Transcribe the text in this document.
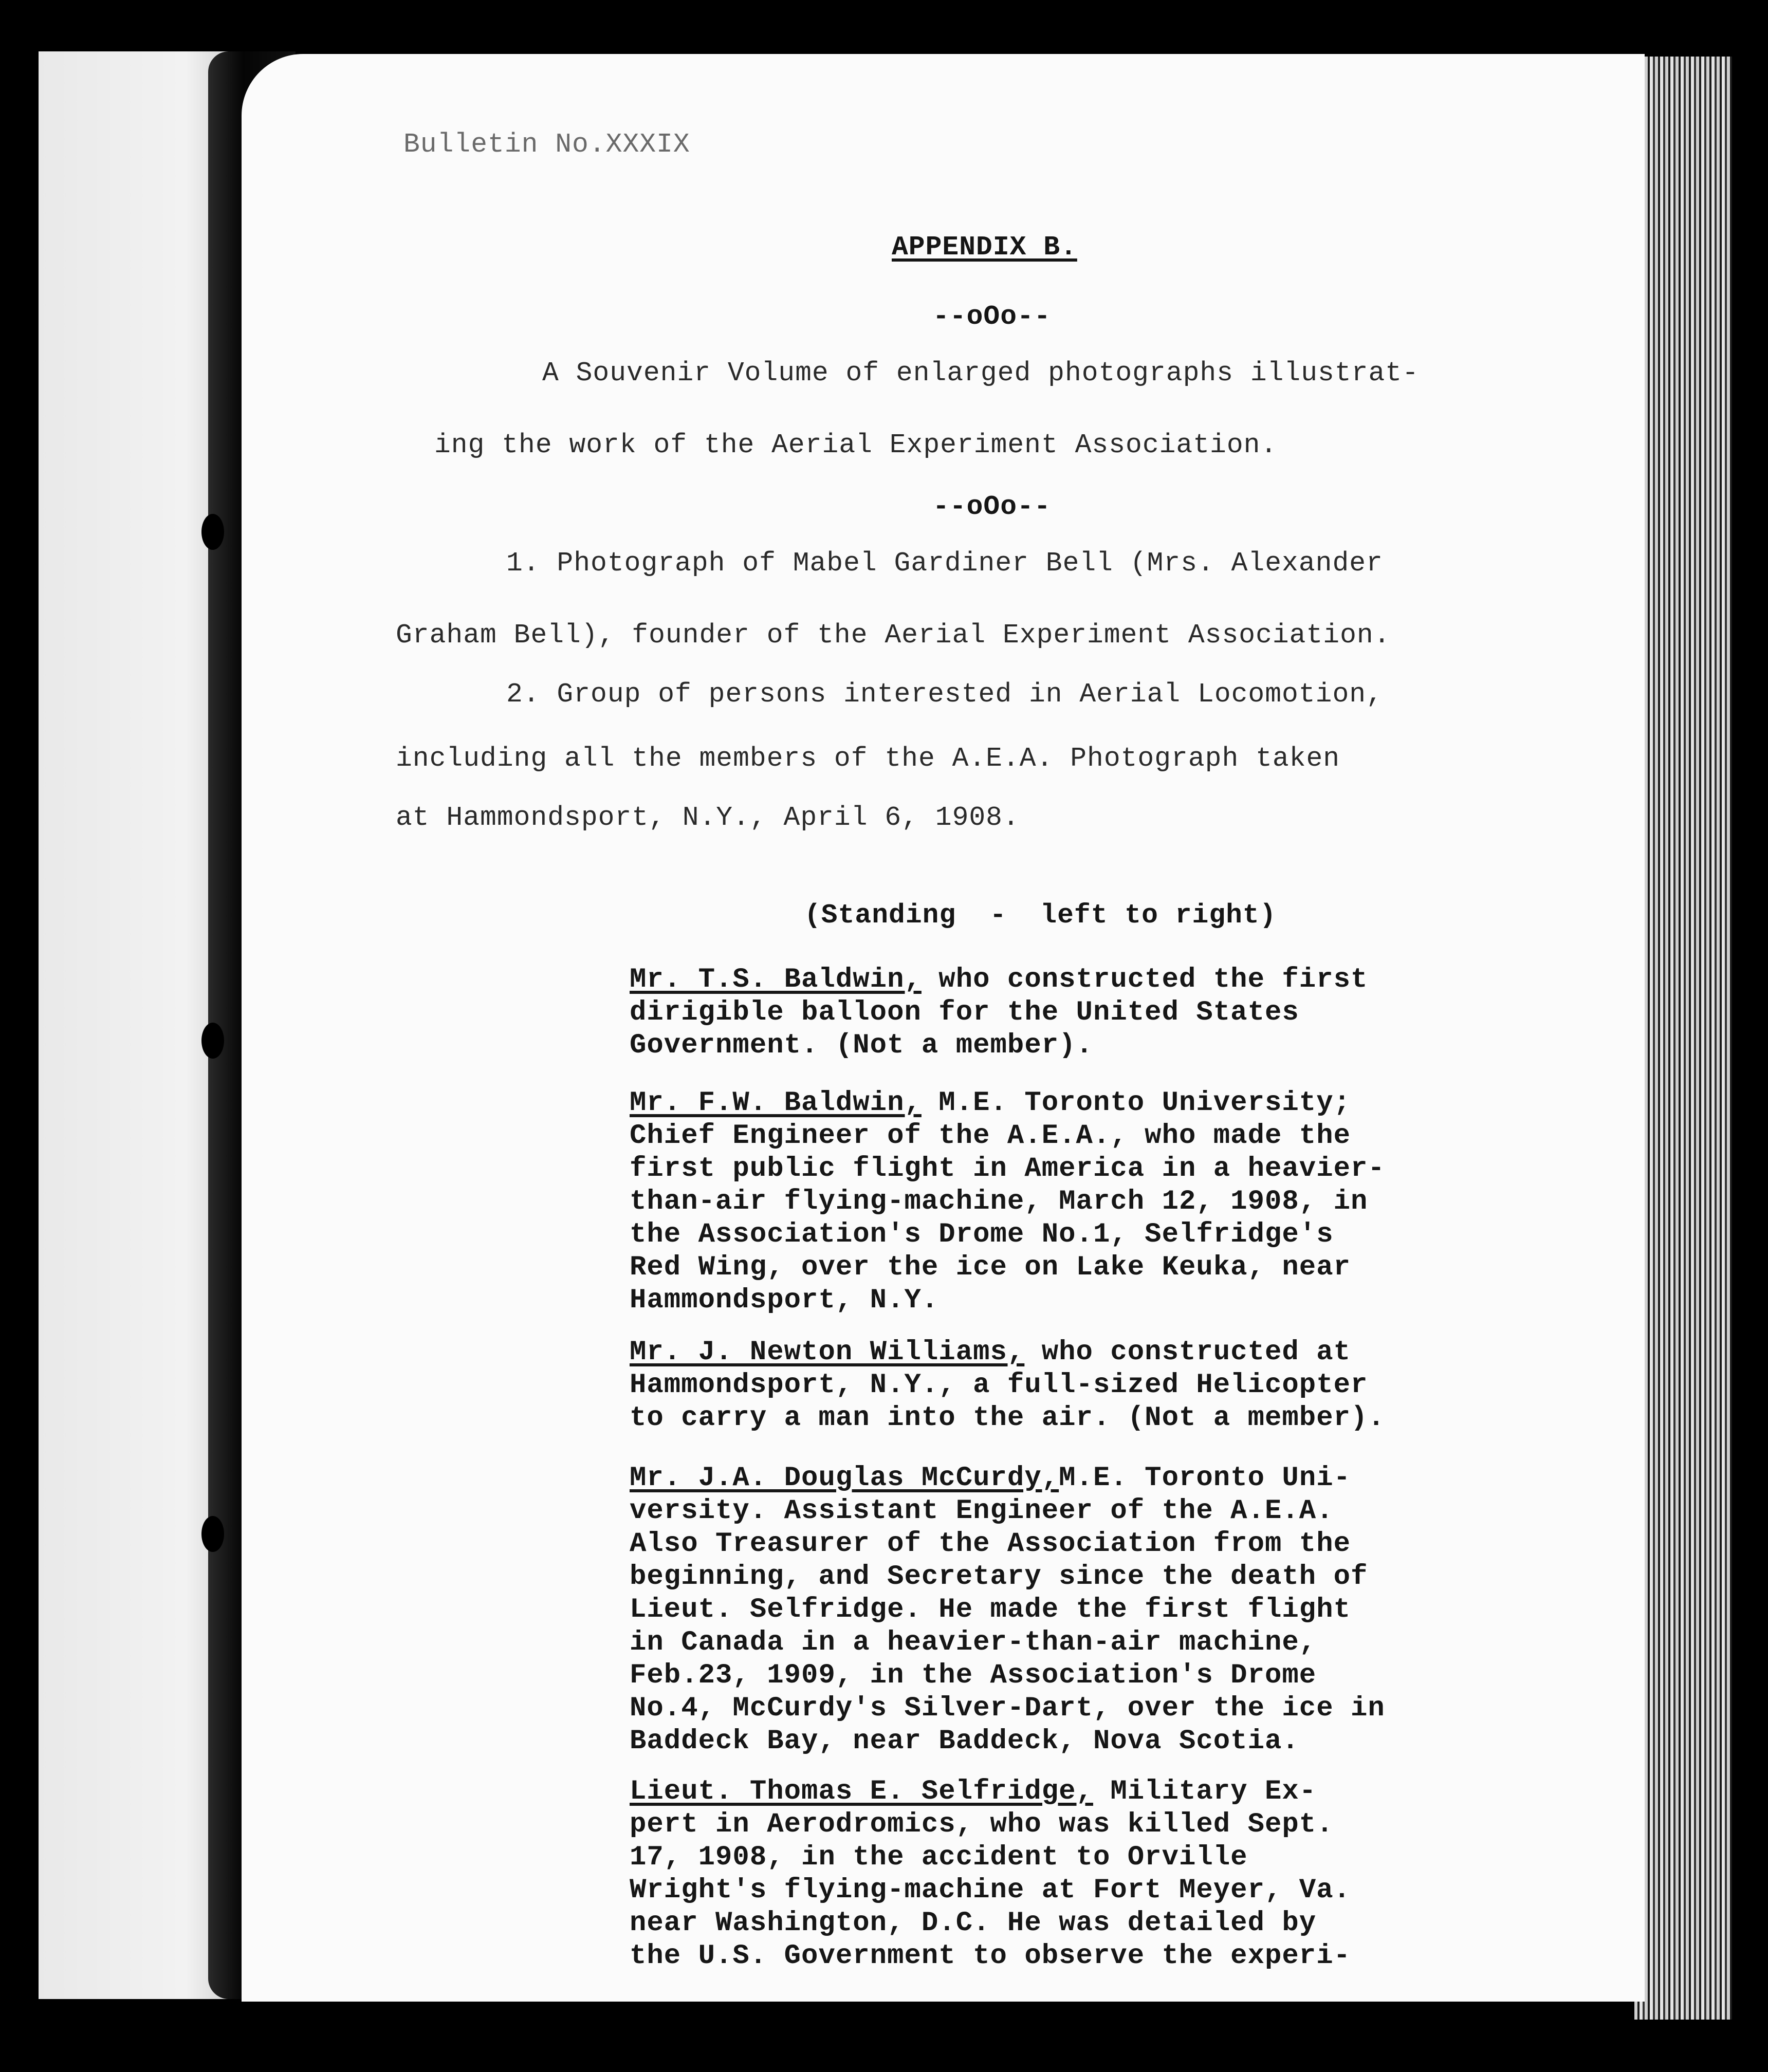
Bulletin No.XXXIX
APPENDIX B.
--oOo--
A Souvenir Volume of enlarged photographs illustrat-
ing the work of the Aerial Experiment Association.
--oOo--
1. Photograph of Mabel Gardiner Bell (Mrs. Alexander
Graham Bell), founder of the Aerial Experiment Association.
2. Group of persons interested in Aerial Locomotion,
including all the members of the A.E.A. Photograph taken
at Hammondsport, N.Y., April 6, 1908.
(Standing  -  left to right)
Mr. T.S. Baldwin, who constructed the first
dirigible balloon for the United States
Government. (Not a member).
Mr. F.W. Baldwin, M.E. Toronto University;
Chief Engineer of the A.E.A., who made the
first public flight in America in a heavier-
than-air flying-machine, March 12, 1908, in
the Association's Drome No.1, Selfridge's
Red Wing, over the ice on Lake Keuka, near
Hammondsport, N.Y.
Mr. J. Newton Williams, who constructed at
Hammondsport, N.Y., a full-sized Helicopter
to carry a man into the air. (Not a member).
Mr. J.A. Douglas McCurdy,M.E. Toronto Uni-
versity. Assistant Engineer of the A.E.A.
Also Treasurer of the Association from the
beginning, and Secretary since the death of
Lieut. Selfridge. He made the first flight
in Canada in a heavier-than-air machine,
Feb.23, 1909, in the Association's Drome
No.4, McCurdy's Silver-Dart, over the ice in
Baddeck Bay, near Baddeck, Nova Scotia.
Lieut. Thomas E. Selfridge, Military Ex-
pert in Aerodromics, who was killed Sept.
17, 1908, in the accident to Orville
Wright's flying-machine at Fort Meyer, Va.
near Washington, D.C. He was detailed by
the U.S. Government to observe the experi-
